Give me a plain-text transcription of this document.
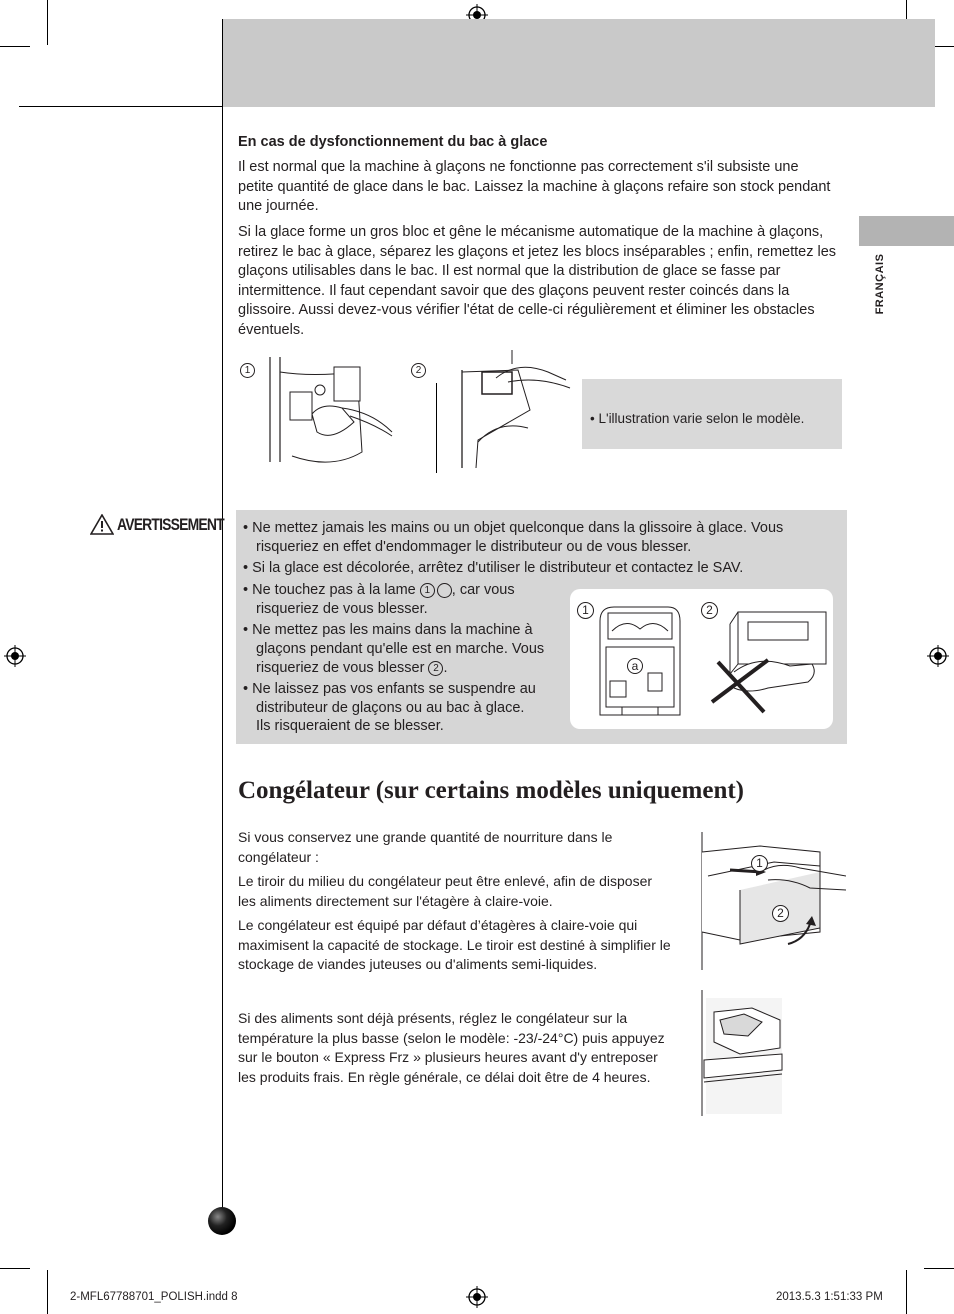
FRANÇAIS
En cas de dysfonctionnement du bac à glace
Il est normal que la machine à glaçons ne fonctionne pas correctement s'il subsiste une petite quantité de glace dans le bac. Laissez la machine à glaçons refaire son stock pendant une journée.
Si la glace forme un gros bloc et gêne le mécanisme automatique de la machine à glaçons, retirez le bac à glace, séparez les glaçons et jetez les blocs inséparables ; enfin, remettez les glaçons utilisables dans le bac. Il est normal que la distribution de glace se fasse par intermittence. Il faut cependant savoir que des glaçons peuvent rester coincés dans la glissoire. Aussi devez-vous vérifier l'état de celle-ci régulièrement et éliminer les obstacles éventuels.
1	2
• L'illustration varie selon le modèle.
AVERTISSEMENT • Ne mettez jamais les mains ou un objet quelconque dans la glissoire à glace. Vous
risqueriez en effet d'endommager le distributeur ou de vous blesser.
• Si la glace est décolorée, arrêtez d'utiliser le distributeur et contactez le SAV.
• Ne touchez pas à la lame 1 , car vous
risqueriez de vous blesser.
• Ne mettez pas les mains dans la machine à
glaçons pendant qu'elle est en marche. Vous
risqueriez de vous blesser 2 .
• Ne laissez pas vos enfants se suspendre au
distributeur de glaçons ou au bac à glace.
Ils risqueraient de se blesser.
1	2
a
Congélateur (sur certains modèles uniquement)
Si vous conservez une grande quantité de nourriture dans le congélateur :
Le tiroir du milieu du congélateur peut être enlevé, afin de disposer les aliments directement sur l'étagère à claire-voie.
Le congélateur est équipé par défaut d’étagères à claire-voie qui maximisent la capacité de stockage. Le tiroir est destiné à simplifier le stockage de viandes juteuses ou d'aliments semi-liquides.
Si des aliments sont déjà présents, réglez le congélateur sur la température la plus basse (selon le modèle: -23/-24°C) puis appuyez sur le bouton « Express Frz » plusieurs heures avant d'y entreposer les produits frais. En règle générale, ce délai doit être de 4 heures.
1
2
2-MFL67788701_POLISH.indd 8	2013.5.3 1:51:33 PM
